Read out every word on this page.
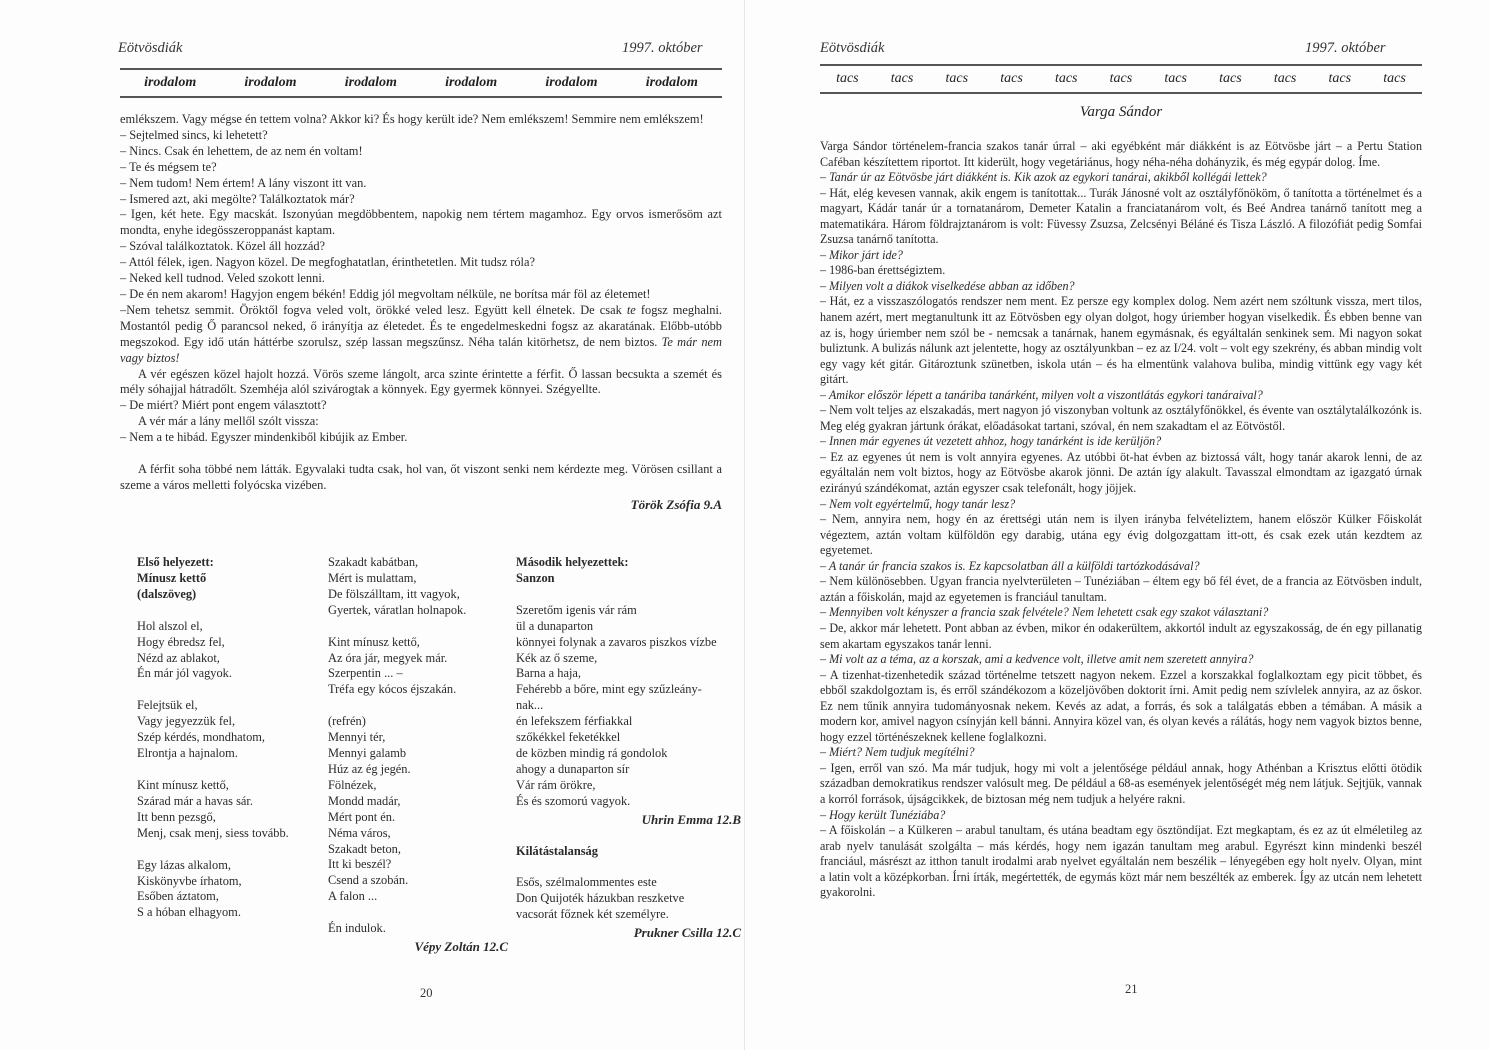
Eötvösdiák	1997. október
irodalom	irodalom	irodalom	irodalom	irodalom	irodalom

emlékszem. Vagy mégse én tettem volna? Akkor ki? És hogy került ide? Nem emlékszem! Semmire nem emlékszem!

– Sejtelmed sincs, ki lehetett?

– Nincs. Csak én lehettem, de az nem én voltam!

– Te és mégsem te?

– Nem tudom! Nem értem! A lány viszont itt van.

– Ismered azt, aki megölte? Találkoztatok már?

– Igen, két hete. Egy macskát. Iszonyúan megdöbbentem, napokig nem tértem magamhoz. Egy orvos ismerősöm azt mondta, enyhe idegösszeroppanást kaptam.

– Szóval találkoztatok. Közel áll hozzád?

– Attól félek, igen. Nagyon közel. De megfoghatatlan, érinthetetlen. Mit tudsz róla?

– Neked kell tudnod. Veled szokott lenni.

– De én nem akarom! Hagyjon engem békén! Eddig jól megvoltam nélküle, ne borítsa már föl az életemet!

–Nem tehetsz semmit. Öröktől fogva veled volt, örökké veled lesz. Együtt kell élnetek. De csak te fogsz meghalni. Mostantól pedig Ő parancsol neked, ő irányítja az életedet. És te engedelmeskedni fogsz az akaratának. Előbb-utóbb megszokod. Egy idő után háttérbe szorulsz, szép lassan megszűnsz. Néha talán kitörhetsz, de nem biztos. Te már nem vagy biztos!

A vér egészen közel hajolt hozzá. Vörös szeme lángolt, arca szinte érintette a férfit. Ő lassan becsukta a szemét és mély sóhajjal hátradőlt. Szemhéja alól szivárogtak a könnyek. Egy gyermek könnyei. Szégyellte.

– De miért? Miért pont engem választott?

A vér már a lány mellől szólt vissza:

– Nem a te hibád. Egyszer mindenkiből kibújik az Ember.

A férfit soha többé nem látták. Egyvalaki tudta csak, hol van, őt viszont senki nem kérdezte meg. Vörösen csillant a szeme a város melletti folyócska vizében.

Török Zsófia 9.A

Első helyezett:

Mínusz kettő

(dalszöveg)

Hol alszol el,

Hogy ébredsz fel,

Nézd az ablakot,

Én már jól vagyok.

Felejtsük el,

Vagy jegyezzük fel,

Szép kérdés, mondhatom,

Elrontja a hajnalom.

Kint mínusz kettő,

Szárad már a havas sár.

Itt benn pezsgő,

Menj, csak menj, siess tovább.

Egy lázas alkalom,

Kiskönyvbe írhatom,

Esőben áztatom,

S a hóban elhagyom.

Szakadt kabátban,

Mért is mulattam,

De fölszálltam, itt vagyok,

Gyertek, váratlan holnapok.

Kint mínusz kettő,

Az óra jár, megyek már.

Szerpentin ... –

Tréfa egy kócos éjszakán.

(refrén)

Mennyi tér,

Mennyi galamb

Húz az ég jegén.

Fölnézek,

Mondd madár,

Mért pont én.

Néma város,

Szakadt beton,

Itt ki beszél?

Csend a szobán.

A falon ...

Én indulok.

Vépy Zoltán 12.C

Második helyezettek:

Sanzon

Szeretőm igenis vár rám

ül a dunaparton

könnyei folynak a zavaros piszkos vízbe

Kék az ő szeme,

Barna a haja,

Fehérebb a bőre, mint egy szűzleány-

nak...

én lefekszem férfiakkal

szőkékkel feketékkel

de közben mindig rá gondolok

ahogy a dunaparton sír

Vár rám örökre,

És és szomorú vagyok.

Uhrin Emma 12.B

Kilátástalanság

Esős, szélmalommentes este

Don Quijoték házukban reszketve

vacsorát főznek két személyre.

Prukner Csilla 12.C

20
Eötvösdiák	1997. október
tacs tacs tacs tacs tacs tacs tacs tacs tacs tacs tacs
Varga Sándor

Varga Sándor történelem-francia szakos tanár úrral – aki egyébként már diákként is az Eötvösbe járt – a Pertu Station Caféban készítettem riportot. Itt kiderült, hogy vegetáriánus, hogy néha-néha dohányzik, és még egypár dolog. Íme.

– Tanár úr az Eötvösbe járt diákként is. Kik azok az egykori tanárai, akikből kollégái lettek?

– Hát, elég kevesen vannak, akik engem is tanítottak... Turák Jánosné volt az osztályfőnököm, ő tanította a történelmet és a magyart, Kádár tanár úr a tornatanárom, Demeter Katalin a franciatanárom volt, és Beé Andrea tanárnő tanított meg a matematikára. Három földrajztanárom is volt: Füvessy Zsuzsa, Zelcsényi Béláné és Tisza László. A filozófiát pedig Somfai Zsuzsa tanárnő tanította.

– Mikor járt ide?

– 1986-ban érettségiztem.

– Milyen volt a diákok viselkedése abban az időben?

– Hát, ez a visszaszólogatós rendszer nem ment. Ez persze egy komplex dolog. Nem azért nem szóltunk vissza, mert tilos, hanem azért, mert megtanultunk itt az Eötvösben egy olyan dolgot, hogy úriember hogyan viselkedik. És ebben benne van az is, hogy úriember nem szól be - nemcsak a tanárnak, hanem egymásnak, és egyáltalán senkinek sem. Mi nagyon sokat buliztunk. A bulizás nálunk azt jelentette, hogy az osztályunkban – ez az I/24. volt – volt egy szekrény, és abban mindig volt egy vagy két gitár. Gitároztunk szünetben, iskola után – és ha elmentünk valahova buliba, mindig vittünk egy vagy két gitárt.

– Amikor először lépett a tanáriba tanárként, milyen volt a viszontlátás egykori tanáraival?

– Nem volt teljes az elszakadás, mert nagyon jó viszonyban voltunk az osztályfőnökkel, és évente van osztálytalálkozónk is. Meg elég gyakran jártunk órákat, előadásokat tartani, szóval, én nem szakadtam el az Eötvöstől.

– Innen már egyenes út vezetett ahhoz, hogy tanárként is ide kerüljön?

– Ez az egyenes út nem is volt annyira egyenes. Az utóbbi öt-hat évben az biztossá vált, hogy tanár akarok lenni, de az egyáltalán nem volt biztos, hogy az Eötvösbe akarok jönni. De aztán így alakult. Tavasszal elmondtam az igazgató úrnak ezirányú szándékomat, aztán egyszer csak telefonált, hogy jöjjek.

– Nem volt egyértelmű, hogy tanár lesz?

– Nem, annyira nem, hogy én az érettségi után nem is ilyen irányba felvételiztem, hanem először Külker Főiskolát végeztem, aztán voltam külföldön egy darabig, utána egy évig dolgozgattam itt-ott, és csak ezek után kezdtem az egyetemet.

– A tanár úr francia szakos is. Ez kapcsolatban áll a külföldi tartózkodásával?

– Nem különösebben. Ugyan francia nyelvterületen – Tunéziában – éltem egy bő fél évet, de a francia az Eötvösben indult, aztán a főiskolán, majd az egyetemen is franciául tanultam.

– Mennyiben volt kényszer a francia szak felvétele? Nem lehetett csak egy szakot választani?

– De, akkor már lehetett. Pont abban az évben, mikor én odakerültem, akkortól indult az egyszakosság, de én egy pillanatig sem akartam egyszakos tanár lenni.

– Mi volt az a téma, az a korszak, ami a kedvence volt, illetve amit nem szeretett annyira?

– A tizenhat-tizenhetedik század történelme tetszett nagyon nekem. Ezzel a korszakkal foglalkoztam egy picit többet, és ebből szakdolgoztam is, és erről szándékozom a közeljövőben doktorit írni. Amit pedig nem szívlelek annyira, az az őskor. Ez nem tűnik annyira tudományosnak nekem. Kevés az adat, a forrás, és sok a találgatás ebben a témában. A másik a modern kor, amivel nagyon csínyján kell bánni. Annyira közel van, és olyan kevés a rálátás, hogy nem vagyok biztos benne, hogy ezzel történészeknek kellene foglalkozni.

– Miért? Nem tudjuk megítélni?

– Igen, erről van szó. Ma már tudjuk, hogy mi volt a jelentősége például annak, hogy Athénban a Krisztus előtti ötödik században demokratikus rendszer valósult meg. De például a 68-as események jelentőségét még nem látjuk. Sejtjük, vannak a korról források, újságcikkek, de biztosan még nem tudjuk a helyére rakni.

– Hogy került Tunéziába?

– A főiskolán – a Külkeren – arabul tanultam, és utána beadtam egy ösztöndíjat. Ezt megkaptam, és ez az út elméletileg az arab nyelv tanulását szolgálta – más kérdés, hogy nem igazán tanultam meg arabul. Egyrészt kinn mindenki beszél franciául, másrészt az itthon tanult irodalmi arab nyelvet egyáltalán nem beszélik – lényegében egy holt nyelv. Olyan, mint a latin volt a középkorban. Írni írták, megértették, de egymás közt már nem beszélték az emberek. Így az utcán nem lehetett gyakorolni.

21
